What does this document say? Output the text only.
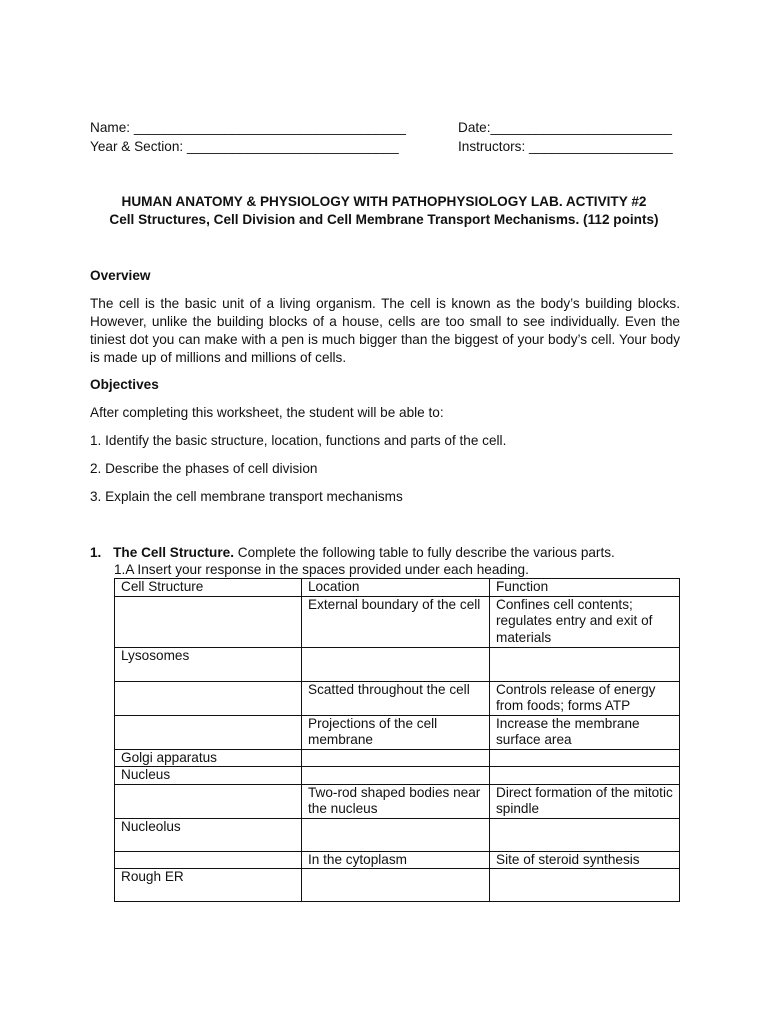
Name: ____________________________________	Date:________________________
Year & Section: ____________________________	Instructors: ___________________
HUMAN ANATOMY & PHYSIOLOGY WITH PATHOPHYSIOLOGY LAB. ACTIVITY #2
Cell Structures, Cell Division and Cell Membrane Transport Mechanisms. (112 points)
Overview
The cell is the basic unit of a living organism. The cell is known as the body’s building blocks. However, unlike the building blocks of a house, cells are too small to see individually. Even the tiniest dot you can make with a pen is much bigger than the biggest of your body’s cell. Your body is made up of millions and millions of cells.
Objectives
After completing this worksheet, the student will be able to:
1. Identify the basic structure, location, functions and parts of the cell.
2. Describe the phases of cell division
3. Explain the cell membrane transport mechanisms
1. The Cell Structure. Complete the following table to fully describe the various parts.
1.A Insert your response in the spaces provided under each heading.
Cell Structure	Location	Function
	External boundary of the cell	Confines cell contents; regulates entry and exit of materials
Lysosomes		
	Scatted throughout the cell	Controls release of energy from foods; forms ATP
	Projections of the cell membrane	Increase the membrane surface area
Golgi apparatus		
Nucleus		
	Two-rod shaped bodies near the nucleus	Direct formation of the mitotic spindle
Nucleolus		
	In the cytoplasm	Site of steroid synthesis
Rough ER		
